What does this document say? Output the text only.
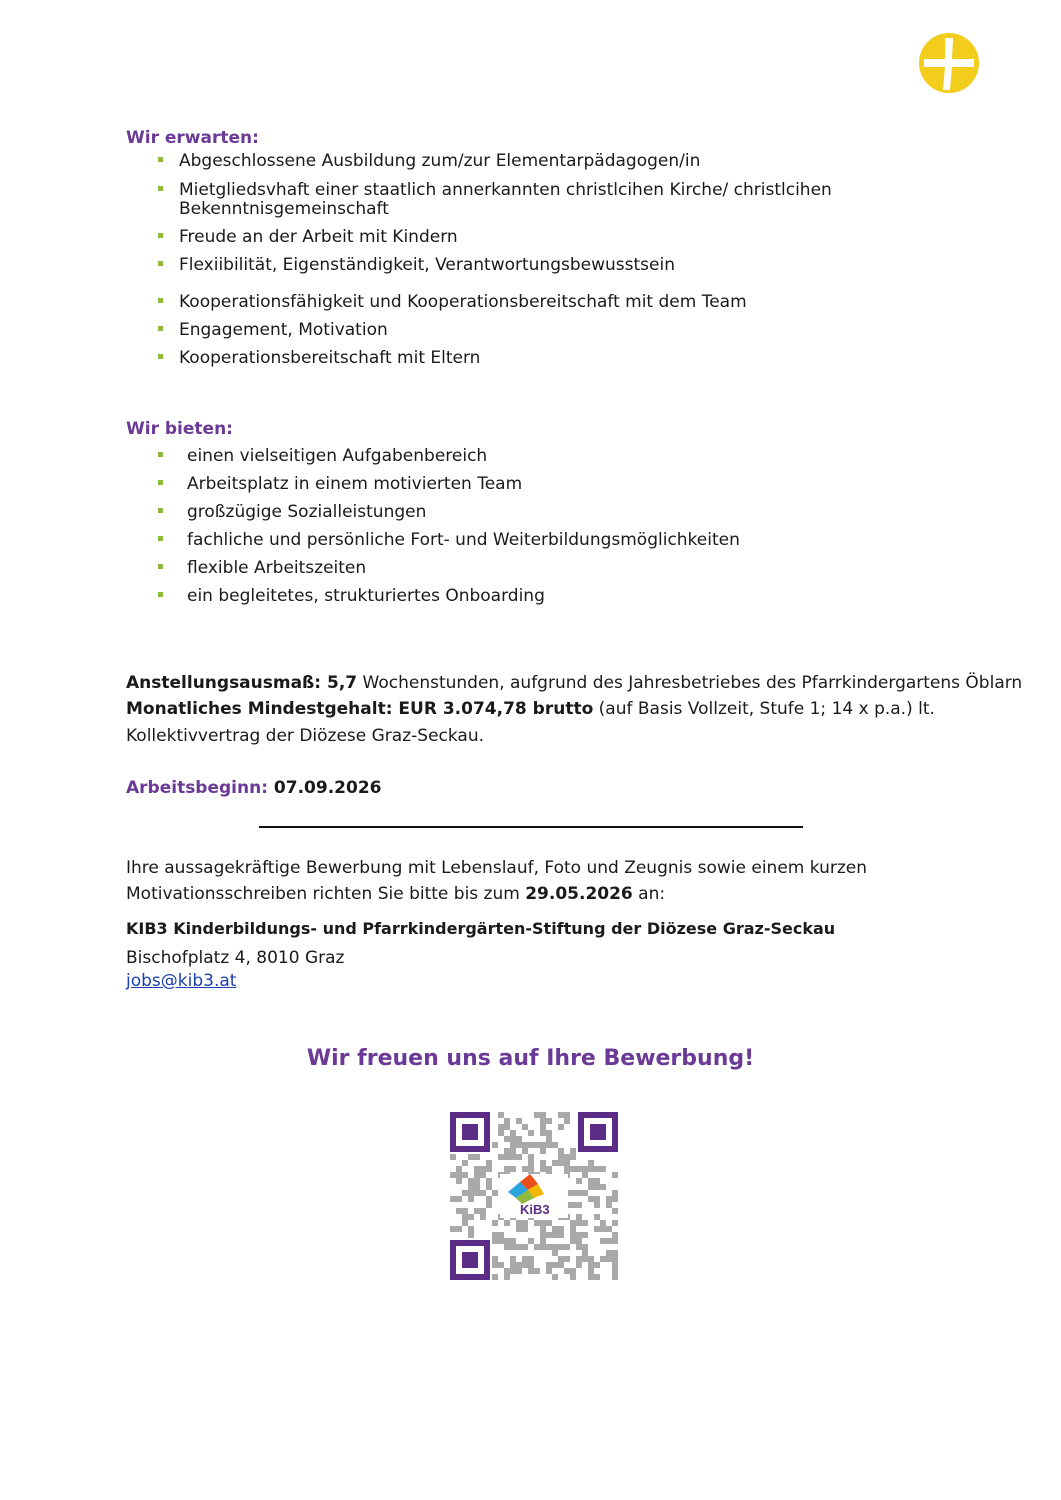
Wir erwarten:
Abgeschlossene Ausbildung zum/zur Elementarpädagogen/in
Mietgliedsvhaft einer staatlich annerkannten christlcihen Kirche/ christlcihen
Bekenntnisgemeinschaft
Freude an der Arbeit mit Kindern
Flexiibilität, Eigenständigkeit, Verantwortungsbewusstsein
Kooperationsfähigkeit und Kooperationsbereitschaft mit dem Team
Engagement, Motivation
Kooperationsbereitschaft mit Eltern
Wir bieten:
einen vielseitigen Aufgabenbereich
Arbeitsplatz in einem motivierten Team
großzügige Sozialleistungen
fachliche und persönliche Fort- und Weiterbildungsmöglichkeiten
flexible Arbeitszeiten
ein begleitetes, strukturiertes Onboarding
Anstellungsausmaß: 5,7 Wochenstunden, aufgrund des Jahresbetriebes des Pfarrkindergartens Öblarn
Monatliches Mindestgehalt: EUR 3.074,78 brutto (auf Basis Vollzeit, Stufe 1; 14 x p.a.) lt.
Kollektivvertrag der Diözese Graz-Seckau.
Arbeitsbeginn: 07.09.2026
Ihre aussagekräftige Bewerbung mit Lebenslauf, Foto und Zeugnis sowie einem kurzen
Motivationsschreiben richten Sie bitte bis zum 29.05.2026 an:
KIB3 Kinderbildungs- und Pfarrkindergärten-Stiftung der Diözese Graz-Seckau
Bischofplatz 4, 8010 Graz
jobs@kib3.at
Wir freuen uns auf Ihre Bewerbung!
KiB3
